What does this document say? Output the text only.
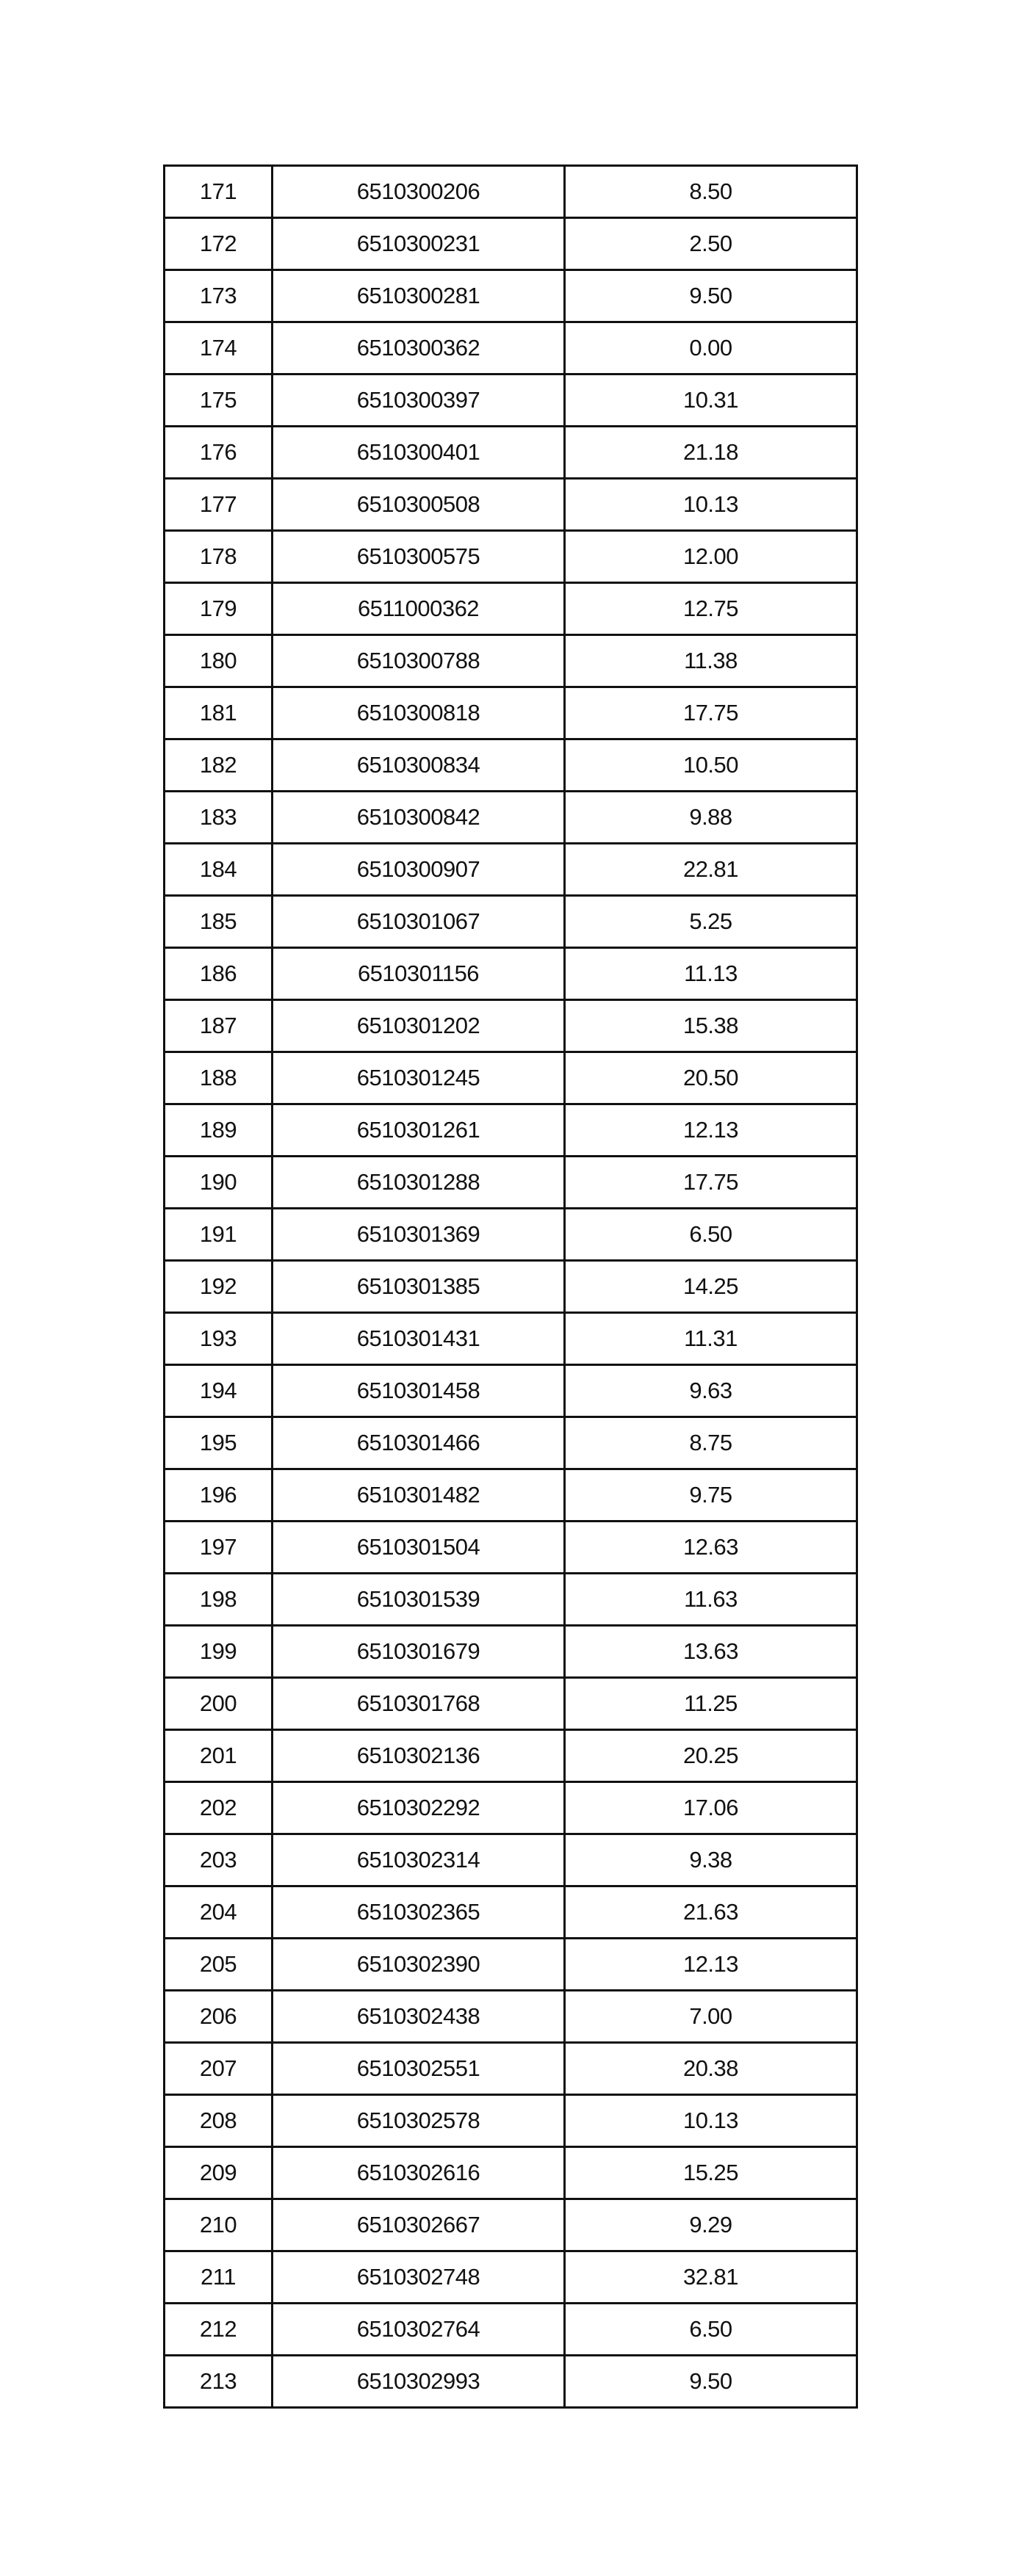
171	6510300206	8.50
172	6510300231	2.50
173	6510300281	9.50
174	6510300362	0.00
175	6510300397	10.31
176	6510300401	21.18
177	6510300508	10.13
178	6510300575	12.00
179	6511000362	12.75
180	6510300788	11.38
181	6510300818	17.75
182	6510300834	10.50
183	6510300842	9.88
184	6510300907	22.81
185	6510301067	5.25
186	6510301156	11.13
187	6510301202	15.38
188	6510301245	20.50
189	6510301261	12.13
190	6510301288	17.75
191	6510301369	6.50
192	6510301385	14.25
193	6510301431	11.31
194	6510301458	9.63
195	6510301466	8.75
196	6510301482	9.75
197	6510301504	12.63
198	6510301539	11.63
199	6510301679	13.63
200	6510301768	11.25
201	6510302136	20.25
202	6510302292	17.06
203	6510302314	9.38
204	6510302365	21.63
205	6510302390	12.13
206	6510302438	7.00
207	6510302551	20.38
208	6510302578	10.13
209	6510302616	15.25
210	6510302667	9.29
211	6510302748	32.81
212	6510302764	6.50
213	6510302993	9.50
